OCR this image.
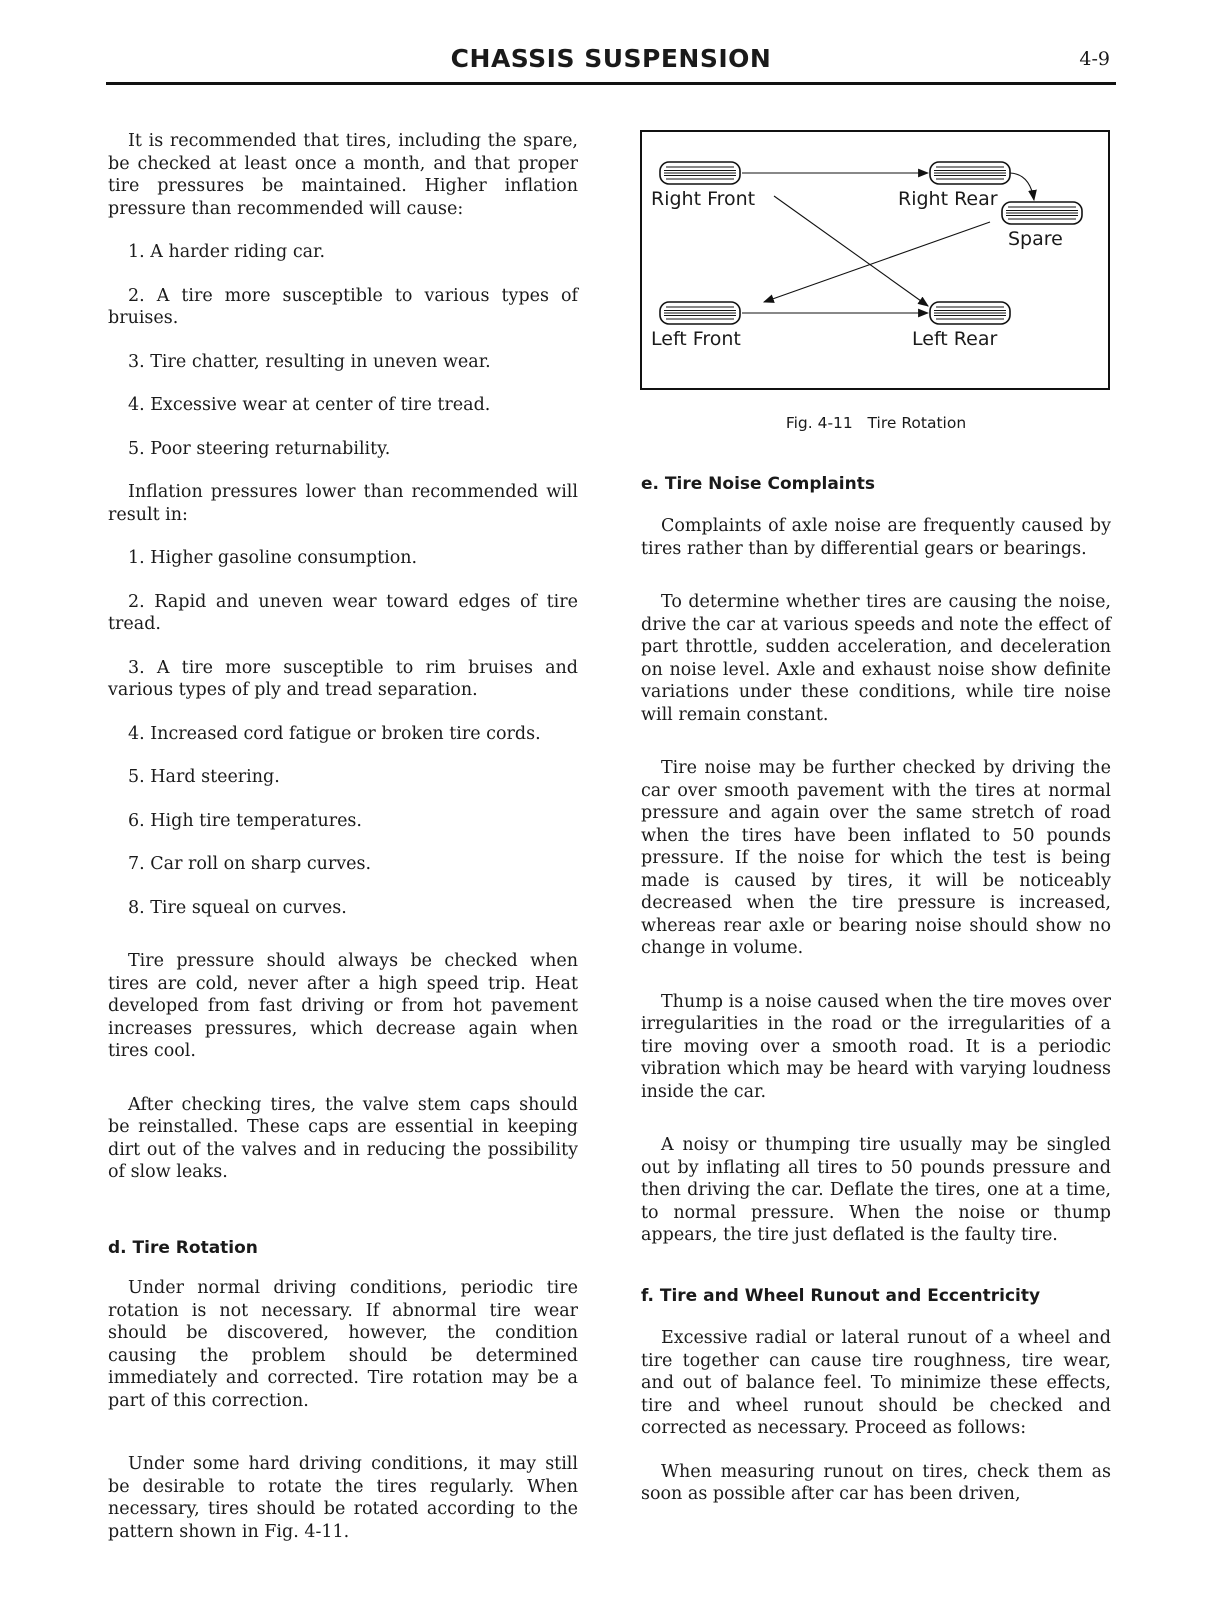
CHASSIS SUSPENSION	4-9

It is recommended that tires, including the spare, be checked at least once a month, and that proper tire pressures be maintained. Higher inflation pressure than recommended will cause:

1. A harder riding car.

2. A tire more susceptible to various types of bruises.

3. Tire chatter, resulting in uneven wear.

4. Excessive wear at center of tire tread.

5. Poor steering returnability.

Inflation pressures lower than recommended will result in:

1. Higher gasoline consumption.

2. Rapid and uneven wear toward edges of tire tread.

3. A tire more susceptible to rim bruises and various types of ply and tread separation.

4. Increased cord fatigue or broken tire cords.

5. Hard steering.

6. High tire temperatures.

7. Car roll on sharp curves.

8. Tire squeal on curves.

Tire pressure should always be checked when tires are cold, never after a high speed trip. Heat developed from fast driving or from hot pavement increases pressures, which decrease again when tires cool.

After checking tires, the valve stem caps should be reinstalled. These caps are essential in keeping dirt out of the valves and in reducing the possibility of slow leaks.

d. Tire Rotation

Under normal driving conditions, periodic tire rotation is not necessary. If abnormal tire wear should be discovered, however, the condition causing the problem should be determined immediately and corrected. Tire rotation may be a part of this correction.

Under some hard driving conditions, it may still be desirable to rotate the tires regularly. When necessary, tires should be rotated according to the pattern shown in Fig. 4-11.

Right Front	Right Rear
Spare
Left Front	Left Rear

Fig. 4-11   Tire Rotation

e. Tire Noise Complaints

Complaints of axle noise are frequently caused by tires rather than by differential gears or bearings.

To determine whether tires are causing the noise, drive the car at various speeds and note the effect of part throttle, sudden acceleration, and deceleration on noise level. Axle and exhaust noise show definite variations under these conditions, while tire noise will remain constant.

Tire noise may be further checked by driving the car over smooth pavement with the tires at normal pressure and again over the same stretch of road when the tires have been inflated to 50 pounds pressure. If the noise for which the test is being made is caused by tires, it will be noticeably decreased when the tire pressure is increased, whereas rear axle or bearing noise should show no change in volume.

Thump is a noise caused when the tire moves over irregularities in the road or the irregularities of a tire moving over a smooth road. It is a periodic vibration which may be heard with varying loudness inside the car.

A noisy or thumping tire usually may be singled out by inflating all tires to 50 pounds pressure and then driving the car. Deflate the tires, one at a time, to normal pressure. When the noise or thump appears, the tire just deflated is the faulty tire.

f. Tire and Wheel Runout and Eccentricity

Excessive radial or lateral runout of a wheel and tire together can cause tire roughness, tire wear, and out of balance feel. To minimize these effects, tire and wheel runout should be checked and corrected as necessary. Proceed as follows:

When measuring runout on tires, check them as soon as possible after car has been driven,
